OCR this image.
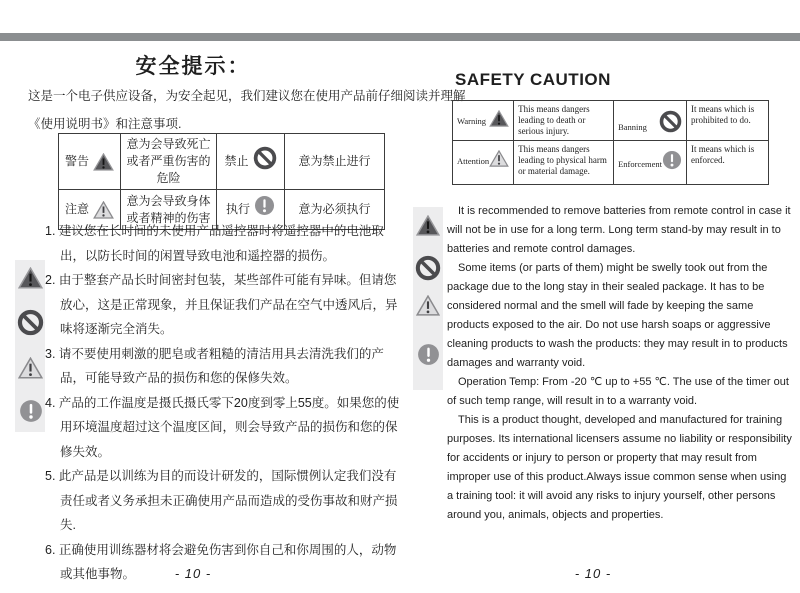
安全提示：
这是一个电子供应设备，为安全起见，我们建议您在使用产品前仔细阅读并理解
《使用说明书》和注意事项.
警告	意为会导致死亡或者严重伤害的危险	禁止	意为禁止进行

注意	意为会导致身体或者精神的伤害	执行	意为必须执行

1. 建议您在长时间的未使用产品遥控器时将遥控器中的电池取出，以防长时间的闲置导致电池和遥控器的损伤。

2. 由于整套产品长时间密封包装，某些部件可能有异味。但请您放心，这是正常现象，并且保证我们产品在空气中透风后，异味将逐渐完全消失。

3. 请不要使用刺激的肥皂或者粗糙的清洁用具去清洗我们的产品，可能导致产品的损伤和您的保修失效。

4. 产品的工作温度是摄氏摄氏零下20度到零上55度。如果您的使用环境温度超过这个温度区间，则会导致产品的损伤和您的保修失效。

5. 此产品是以训练为目的而设计研发的，国际惯例认定我们没有责任或者义务承担未正确使用产品而造成的受伤事故和财产损失.

6. 正确使用训练器材将会避免伤害到你自己和你周围的人，动物或其他事物。

SAFETY CAUTION
Warning	This means dangers leading to death or serious injury.	Banning	It means which is prohibited to do.

Attention	This means dangers leading to physical harm or material damage.	Enforcement	It means which is enforced.

It is recommended to remove batteries from remote control in case it will not be in use for a long term. Long term stand-by may result in to batteries and remote control damages.

Some items (or parts of them) might be swelly took out from the package due to the long stay in their sealed package. It has to be considered normal and the smell will fade by keeping the same products exposed to the air. Do not use harsh soaps or aggressive cleaning products to wash the products: they may result in to products damages and warranty void.

Operation Temp: From -20 ℃ up to +55 ℃. The use of the timer out of such temp range, will result in to a warranty void.

This is a product thought, developed and manufactured for training purposes. Its international licensers assume no liability or responsibility for accidents or injury to person or property that may result from improper use of this product.Always issue common sense when using a training tool: it will avoid any risks to injury yourself, other persons around you, animals, objects and properties.

- 10 -	- 10 -
